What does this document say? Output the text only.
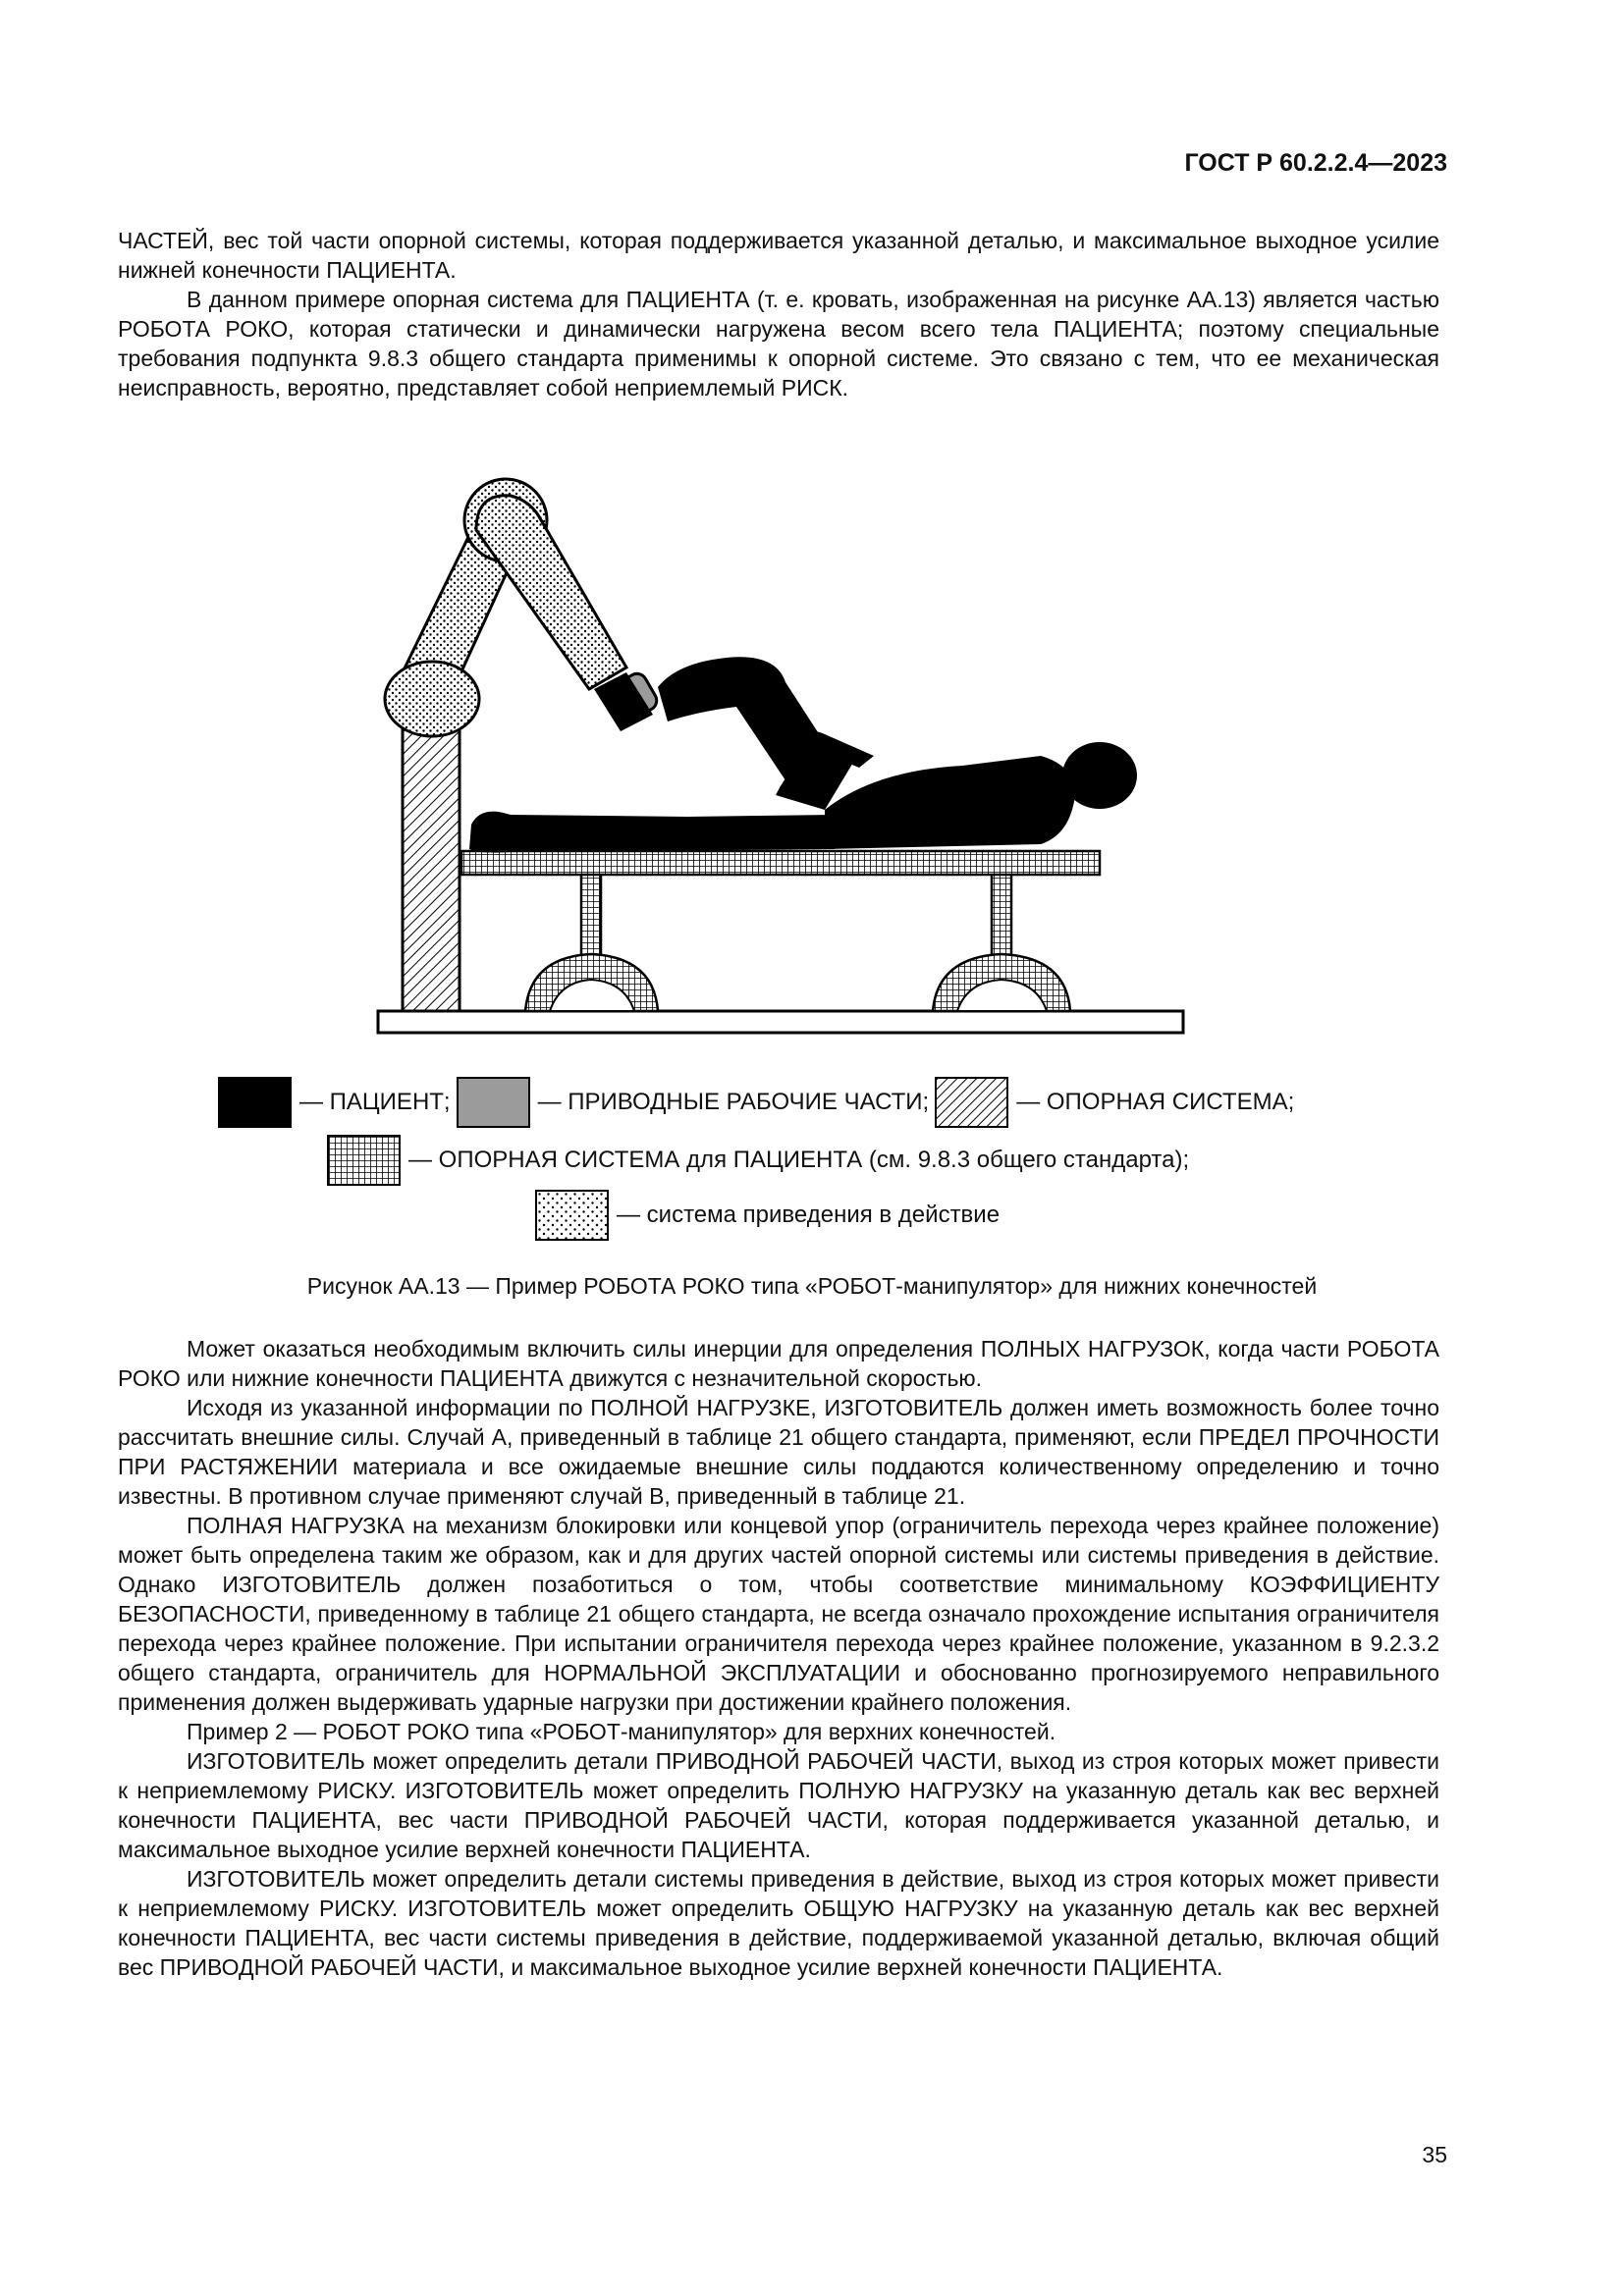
ГОСТ Р 60.2.2.4—2023

ЧАСТЕЙ, вес той части опорной системы, которая поддерживается указанной деталью, и максимальное выходное усилие нижней конечности ПАЦИЕНТА.

В данном примере опорная система для ПАЦИЕНТА (т. е. кровать, изображенная на рисунке АА.13) является частью РОБОТА РОКО, которая статически и динамически нагружена весом всего тела ПАЦИЕНТА; поэтому специальные требования подпункта 9.8.3 общего стандарта применимы к опорной системе. Это связано с тем, что ее механическая неисправность, вероятно, представляет собой неприемлемый РИСК.

— ПАЦИЕНТ;	— ПРИВОДНЫЕ РАБОЧИЕ ЧАСТИ;	— ОПОРНАЯ СИСТЕМА;
— ОПОРНАЯ СИСТЕМА для ПАЦИЕНТА (см. 9.8.3 общего стандарта);
— система приведения в действие
Рисунок АА.13 — Пример РОБОТА РОКО типа «РОБОТ-манипулятор» для нижних конечностей

Может оказаться необходимым включить силы инерции для определения ПОЛНЫХ НАГРУЗОК, когда части РОБОТА РОКО или нижние конечности ПАЦИЕНТА движутся с незначительной скоростью.

Исходя из указанной информации по ПОЛНОЙ НАГРУЗКЕ, ИЗГОТОВИТЕЛЬ должен иметь возможность более точно рассчитать внешние силы. Случай А, приведенный в таблице 21 общего стандарта, применяют, если ПРЕДЕЛ ПРОЧНОСТИ ПРИ РАСТЯЖЕНИИ материала и все ожидаемые внешние силы поддаются количественному определению и точно известны. В противном случае применяют случай В, приведенный в таблице 21.

ПОЛНАЯ НАГРУЗКА на механизм блокировки или концевой упор (ограничитель перехода через крайнее положение) может быть определена таким же образом, как и для других частей опорной системы или системы приведения в действие. Однако ИЗГОТОВИТЕЛЬ должен позаботиться о том, чтобы соответствие минимальному КОЭФФИЦИЕНТУ БЕЗОПАСНОСТИ, приведенному в таблице 21 общего стандарта, не всегда означало прохождение испытания ограничителя перехода через крайнее положение. При испытании ограничителя перехода через крайнее положение, указанном в 9.2.3.2 общего стандарта, ограничитель для НОРМАЛЬНОЙ ЭКСПЛУАТАЦИИ и обоснованно прогнозируемого неправильного применения должен выдерживать ударные нагрузки при достижении крайнего положения.

Пример 2 — РОБОТ РОКО типа «РОБОТ-манипулятор» для верхних конечностей.

ИЗГОТОВИТЕЛЬ может определить детали ПРИВОДНОЙ РАБОЧЕЙ ЧАСТИ, выход из строя которых может привести к неприемлемому РИСКУ. ИЗГОТОВИТЕЛЬ может определить ПОЛНУЮ НАГРУЗКУ на указанную деталь как вес верхней конечности ПАЦИЕНТА, вес части ПРИВОДНОЙ РАБОЧЕЙ ЧАСТИ, которая поддерживается указанной деталью, и максимальное выходное усилие верхней конечности ПАЦИЕНТА.

ИЗГОТОВИТЕЛЬ может определить детали системы приведения в действие, выход из строя которых может привести к неприемлемому РИСКУ. ИЗГОТОВИТЕЛЬ может определить ОБЩУЮ НАГРУЗКУ на указанную деталь как вес верхней конечности ПАЦИЕНТА, вес части системы приведения в действие, поддерживаемой указанной деталью, включая общий вес ПРИВОДНОЙ РАБОЧЕЙ ЧАСТИ, и максимальное выходное усилие верхней конечности ПАЦИЕНТА.

35
